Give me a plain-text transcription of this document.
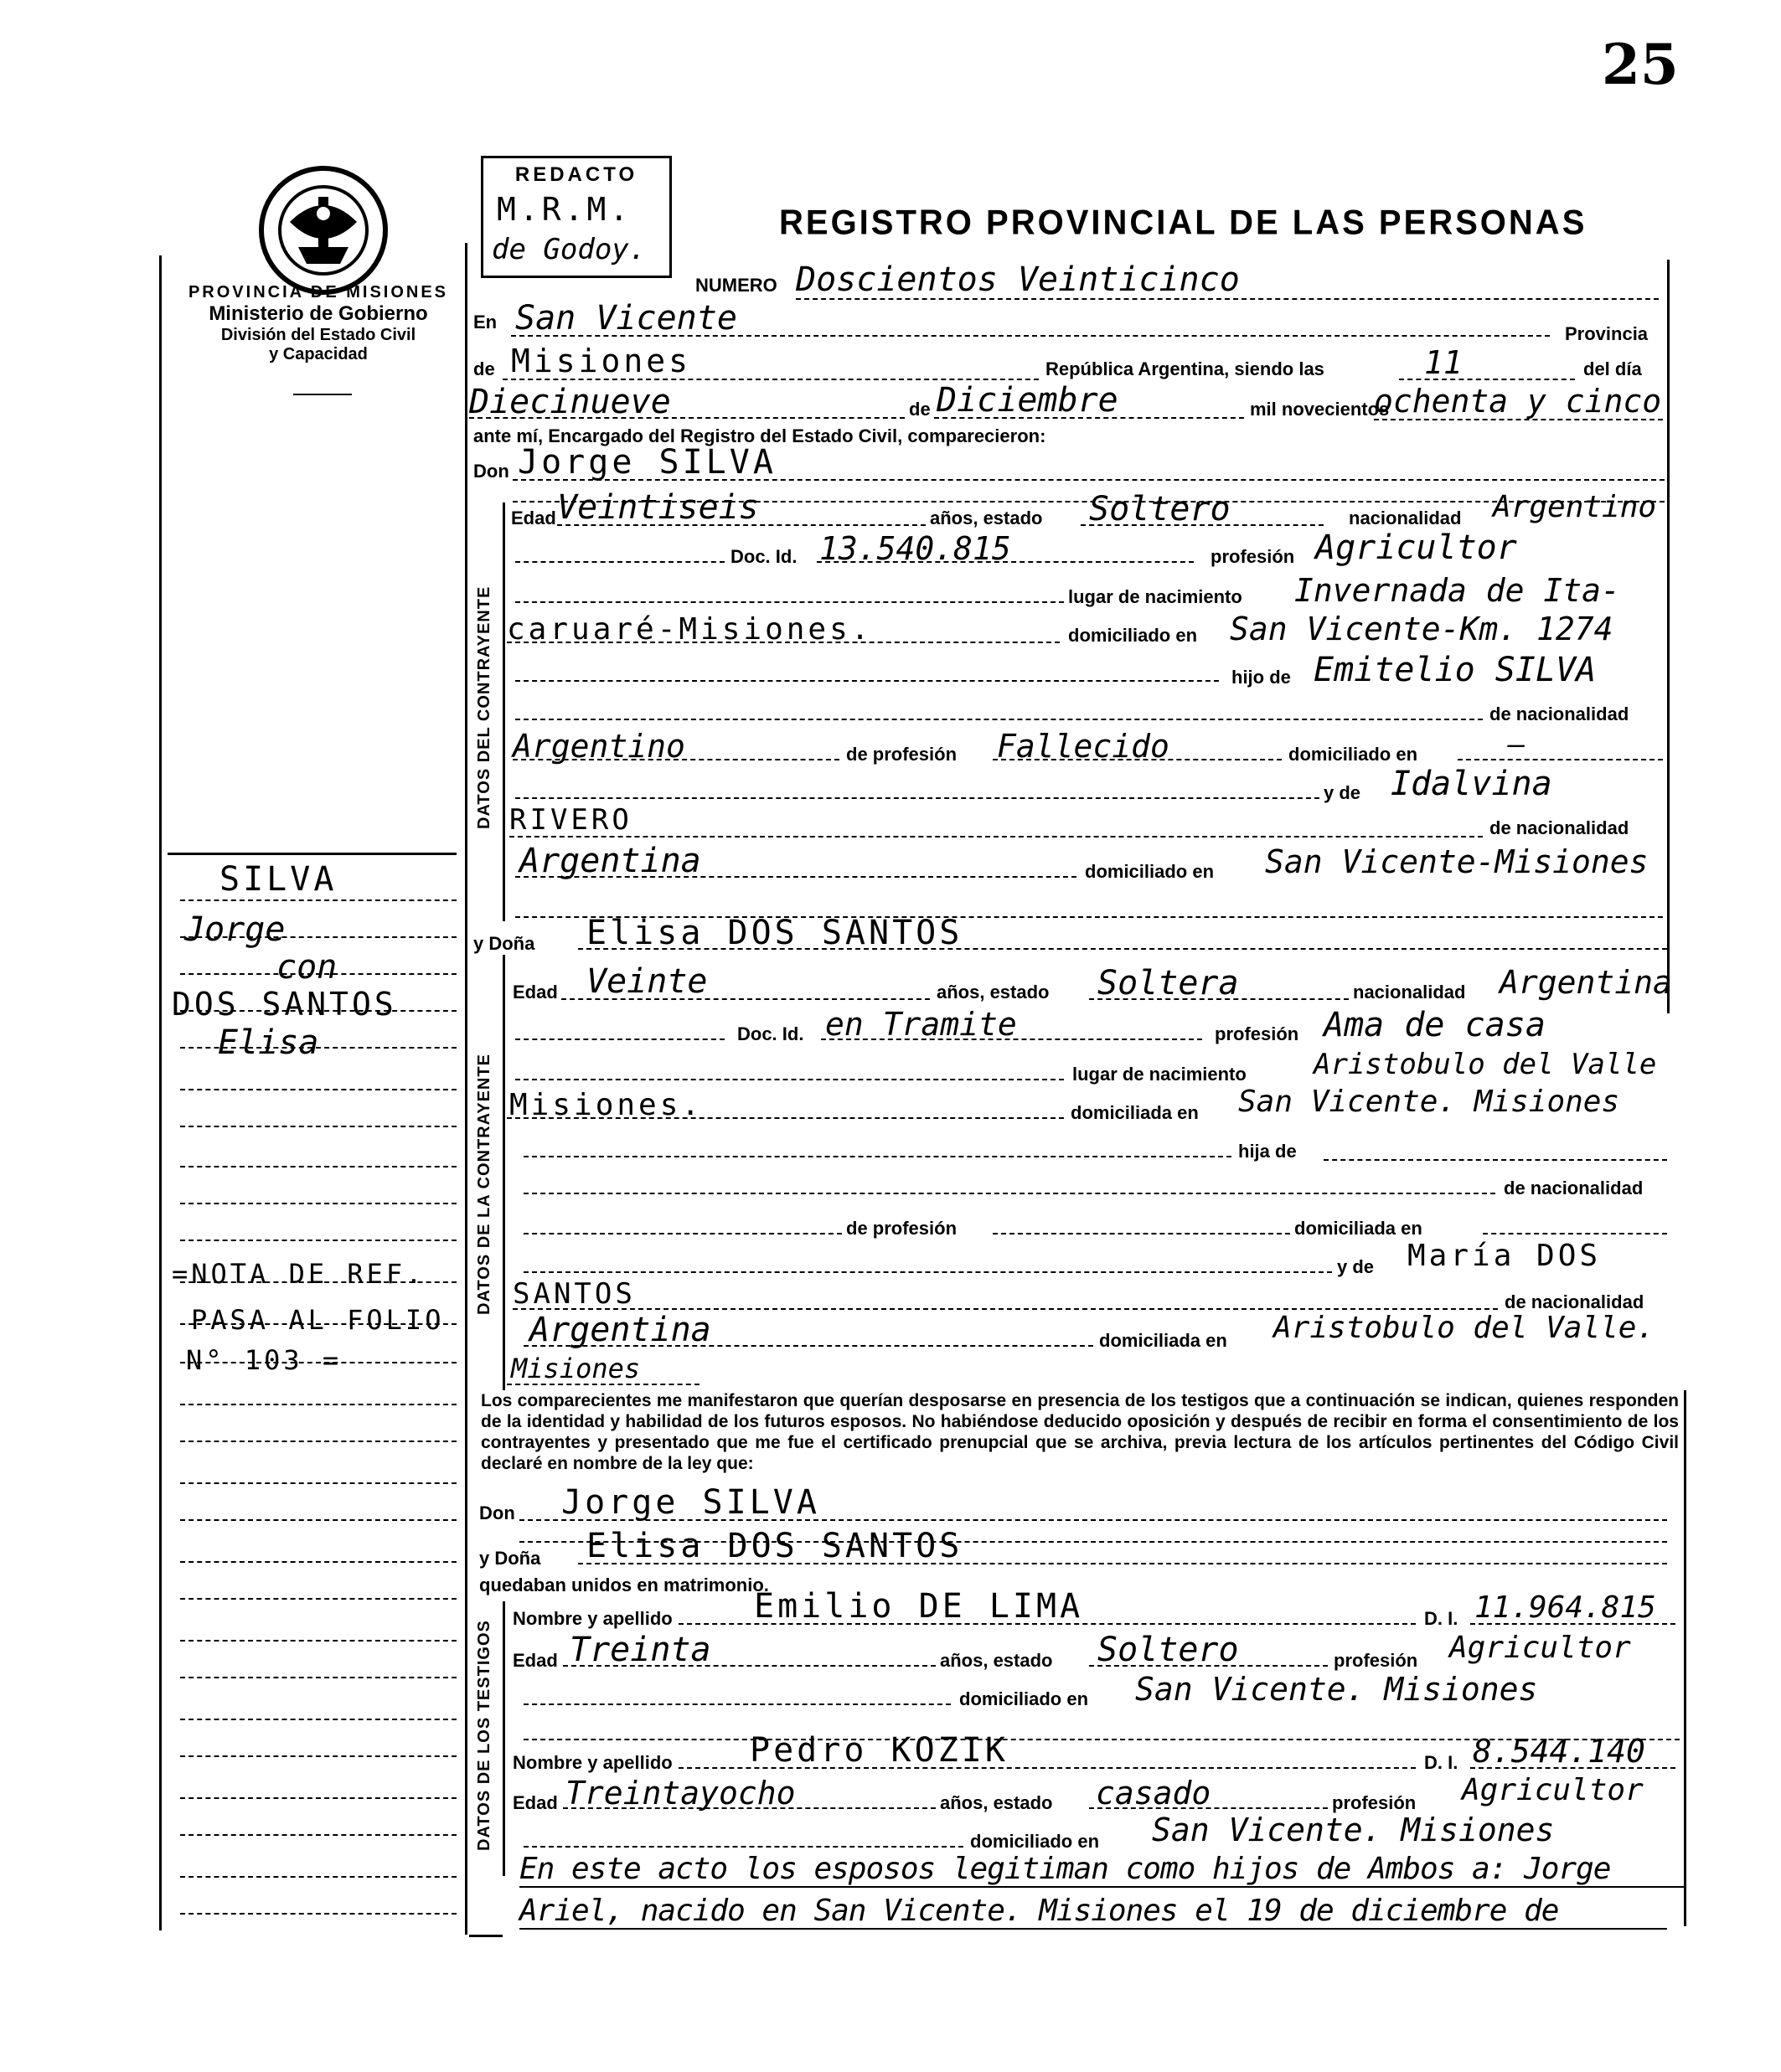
25
PROVINCIA DE MISIONES
Ministerio de Gobierno
División del Estado Civil
y Capacidad
REDACTO
M.R.M.
de Godoy.
REGISTRO PROVINCIAL DE LAS PERSONAS
SILVA
Jorge
con
DOS SANTOS
Elisa
=NOTA DE REF.
PASA AL FOLIO
N° 103 =
NUMERO Doscientos Veinticinco
En San Vicente	Provincia
de Misiones	República Argentina, siendo las	11	del día
Diecinueve	de Diciembre	mil novecientos
ochenta y cinco
ante mí, Encargado del Registro del Estado Civil, comparecieron:
Don Jorge SILVA
DATOS DEL CONTRAYENTE
Edad Veintiseis	años, estado Soltero	nacionalidad Argentino
Doc. Id. 13.540.815	profesión Agricultor
lugar de nacimiento Invernada de Ita-
caruaré-Misiones.	domiciliado en San Vicente-Km. 1274
hijo de Emitelio SILVA
de nacionalidad
Argentino	de profesión Fallecido	domiciliado en	—
y de Idalvina
RIVERO	de nacionalidad
Argentina	domiciliado en San Vicente-Misiones
y Doña Elisa DOS SANTOS
DATOS DE LA CONTRAYENTE
Edad Veinte	años, estado Soltera	nacionalidad Argentina
Doc. Id. en Tramite	profesión Ama de casa
lugar de nacimiento Aristobulo del Valle
Misiones.	domiciliada en San Vicente. Misiones
hija de
de nacionalidad
de profesión	domiciliada en
y de María DOS
SANTOS	de nacionalidad
Argentina	domiciliada en Aristobulo del Valle.
Misiones
Los comparecientes me manifestaron que querían desposarse en presencia de los testigos que a continuación se indican, quienes responden de la identidad y habilidad de los futuros esposos. No habiéndose deducido oposición y después de recibir en forma el consentimiento de los contrayentes y presentado que me fue el certificado prenupcial que se archiva, previa lectura de los artículos pertinentes del Código Civil declaré en nombre de la ley que:
Don Jorge SILVA
y Doña Elisa DOS SANTOS
quedaban unidos en matrimonio.
DATOS DE LOS TESTIGOS
Nombre y apellido Emilio DE LIMA	D. I. 11.964.815
Edad Treinta	años, estado Soltero	profesión Agricultor
domiciliado en San Vicente. Misiones
Nombre y apellido Pedro KOZIK	D. I. 8.544.140
Edad Treintayocho	años, estado casado	profesión Agricultor
domiciliado en San Vicente. Misiones
En este acto los esposos legitiman como hijos de Ambos a: Jorge
Ariel, nacido en San Vicente. Misiones el 19 de diciembre de
